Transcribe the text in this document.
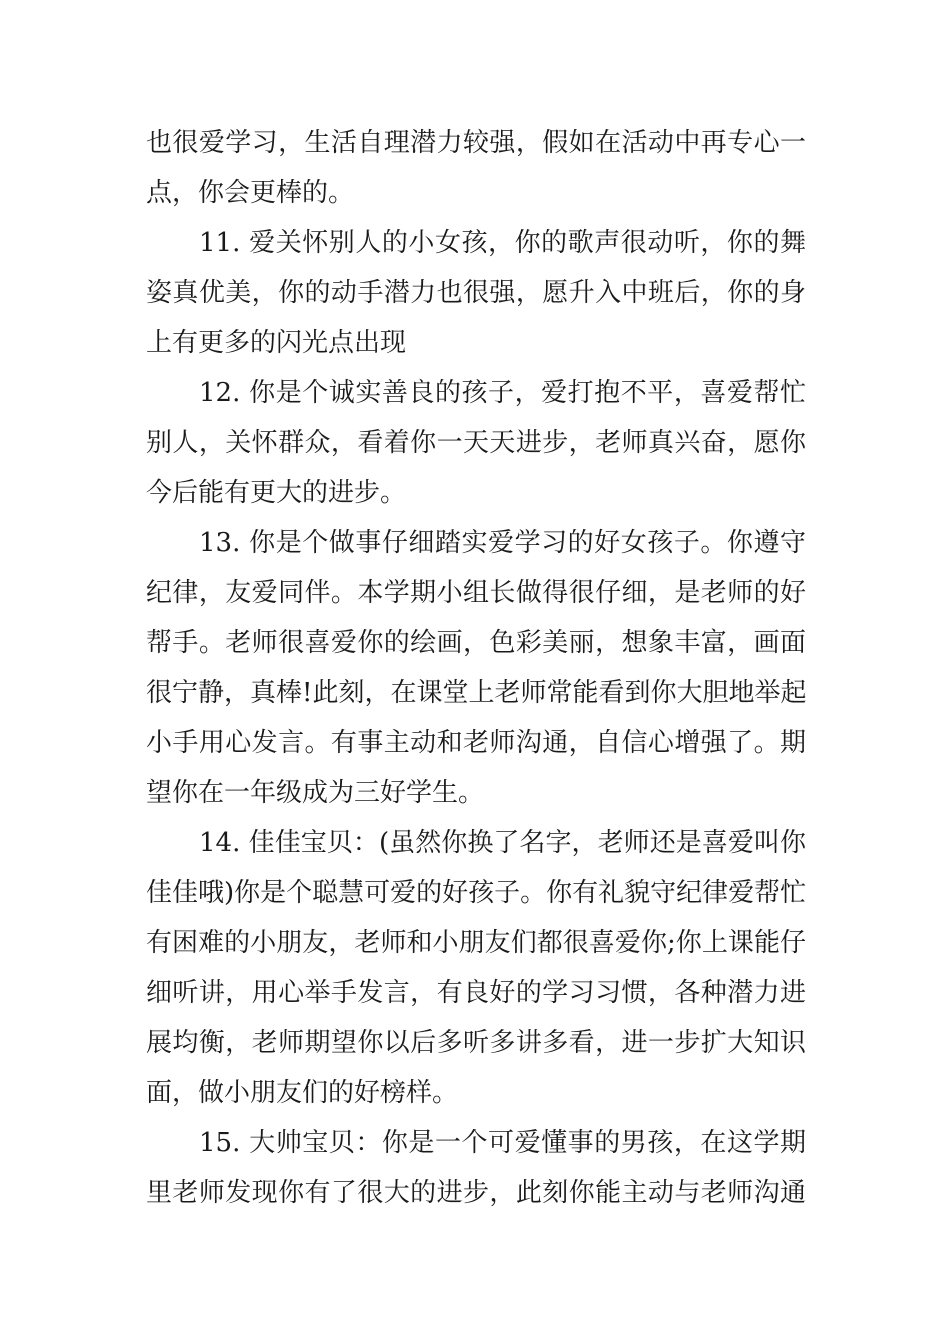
也很爱学习，生活自理潜力较强，假如在活动中再专心一
点，你会更棒的。
11. 爱关怀别人的小女孩，你的歌声很动听，你的舞
姿真优美，你的动手潜力也很强，愿升入中班后，你的身
上有更多的闪光点出现
12. 你是个诚实善良的孩子，爱打抱不平，喜爱帮忙
别人，关怀群众，看着你一天天进步，老师真兴奋，愿你
今后能有更大的进步。
13. 你是个做事仔细踏实爱学习的好女孩子。你遵守
纪律，友爱同伴。本学期小组长做得很仔细，是老师的好
帮手。老师很喜爱你的绘画，色彩美丽，想象丰富，画面
很宁静，真棒!此刻，在课堂上老师常能看到你大胆地举起
小手用心发言。有事主动和老师沟通，自信心增强了。期
望你在一年级成为三好学生。
14. 佳佳宝贝：(虽然你换了名字，老师还是喜爱叫你
佳佳哦)你是个聪慧可爱的好孩子。你有礼貌守纪律爱帮忙
有困难的小朋友，老师和小朋友们都很喜爱你;你上课能仔
细听讲，用心举手发言，有良好的学习习惯，各种潜力进
展均衡，老师期望你以后多听多讲多看，进一步扩大知识
面，做小朋友们的好榜样。
15. 大帅宝贝：你是一个可爱懂事的男孩，在这学期
里老师发现你有了很大的进步，此刻你能主动与老师沟通
